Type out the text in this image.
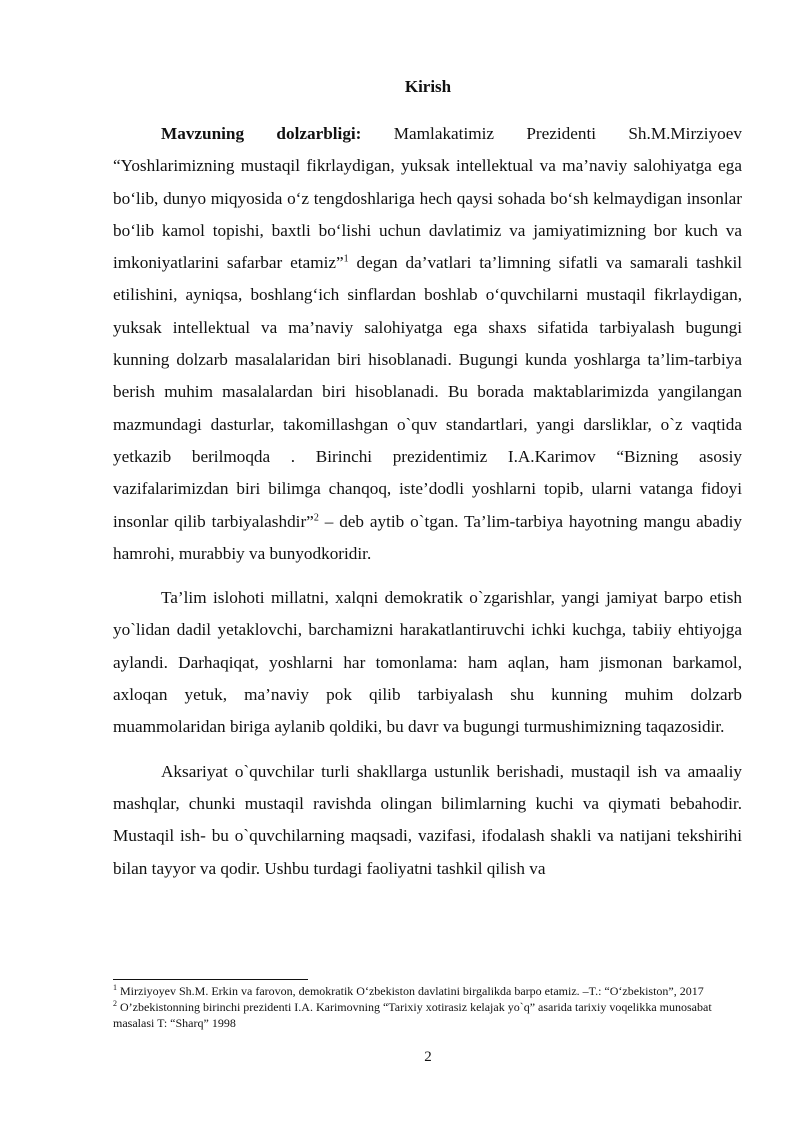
Kirish

Mavzuning dolzarbligi: Mamlakatimiz Prezidenti Sh.M.Mirziyoev “Yoshlarimizning mustaqil fikrlaydigan, yuksak intellektual va ma’naviy salohiyatga ega bo‘lib, dunyo miqyosida o‘z tengdoshlariga hech qaysi sohada bo‘sh kelmaydigan insonlar bo‘lib kamol topishi, baxtli bo‘lishi uchun davlatimiz va jamiyatimizning bor kuch va imkoniyatlarini safarbar etamiz”$^1$ degan da’vatlari ta’limning sifatli va samarali tashkil etilishini, ayniqsa, boshlang‘ich sinflardan boshlab o‘quvchilarni mustaqil fikrlaydigan, yuksak intellektual va ma’naviy salohiyatga ega shaxs sifatida tarbiyalash bugungi kunning dolzarb masalalaridan biri hisoblanadi. Bugungi kunda yoshlarga ta’lim-tarbiya berish muhim masalalardan biri hisoblanadi. Bu borada maktablarimizda yangilangan mazmundagi dasturlar, takomillashgan o`quv standartlari, yangi darsliklar, o`z vaqtida yetkazib berilmoqda . Birinchi prezidentimiz I.A.Karimov “Bizning asosiy vazifalarimizdan biri bilimga chanqoq, iste’dodli yoshlarni topib, ularni vatanga fidoyi insonlar qilib tarbiyalashdir”$^2$ – deb aytib o`tgan. Ta’lim-tarbiya hayotning mangu abadiy hamrohi, murabbiy va bunyodkoridir.

Ta’lim islohoti millatni, xalqni demokratik o`zgarishlar, yangi jamiyat barpo etish yo`lidan dadil yetaklovchi, barchamizni harakatlantiruvchi ichki kuchga, tabiiy ehtiyojga aylandi. Darhaqiqat, yoshlarni har tomonlama: ham aqlan, ham jismonan barkamol, axloqan yetuk, ma’naviy pok qilib tarbiyalash shu kunning muhim dolzarb muammolaridan biriga aylanib qoldiki, bu davr va bugungi turmushimizning taqazosidir.

Aksariyat o`quvchilar turli shakllarga ustunlik berishadi, mustaqil ish va amaaliy mashqlar, chunki mustaqil ravishda olingan bilimlarning kuchi va qiymati bebahodir. Mustaqil ish- bu o`quvchilarning maqsadi, vazifasi, ifodalash shakli va natijani tekshirihi bilan tayyor va qodir. Ushbu turdagi faoliyatni tashkil qilish va

$^1$ Mirziyoyev Sh.M. Erkin va farovon, demokratik O‘zbekiston davlatini birgalikda barpo etamiz. –T.: “O‘zbekiston”, 2017

$^2$ O’zbekistonning birinchi prezidenti I.A. Karimovning “Tarixiy xotirasiz kelajak yo`q” asarida tarixiy voqelikka munosabat masalasi T: “Sharq” 1998

2
